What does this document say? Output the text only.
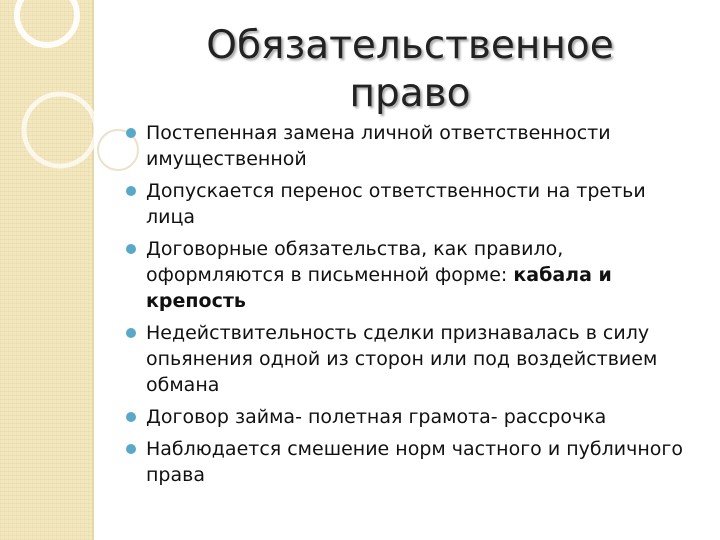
Обязательственное право
Постепенная замена личной ответственности имущественной
Допускается перенос ответственности на третьи лица
Договорные обязательства, как правило, оформляются в письменной форме: кабала и крепость
Недействительность сделки признавалась в силу опьянения одной из сторон или под воздействием обмана
Договор займа- полетная грамота- рассрочка
Наблюдается смешение норм частного и публичного права
